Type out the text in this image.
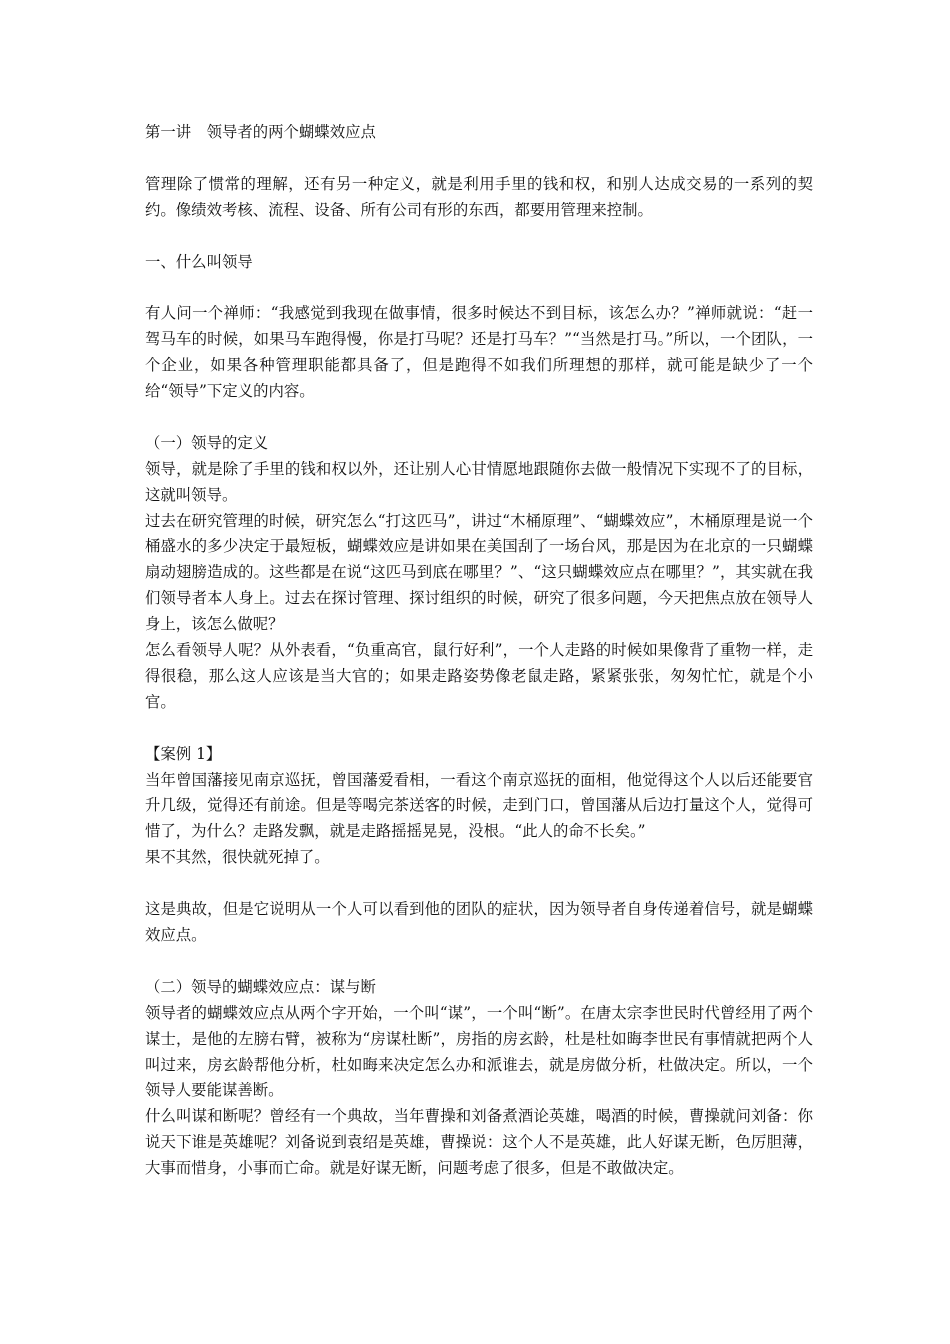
第一讲　领导者的两个蝴蝶效应点

管理除了惯常的理解，还有另一种定义，就是利用手里的钱和权，和别人达成交易的一系列的契约。像绩效考核、流程、设备、所有公司有形的东西，都要用管理来控制。

一、什么叫领导

有人问一个禅师：“我感觉到我现在做事情，很多时候达不到目标，该怎么办？”禅师就说：“赶一驾马车的时候，如果马车跑得慢，你是打马呢？还是打马车？”“当然是打马。”所以，一个团队，一个企业，如果各种管理职能都具备了，但是跑得不如我们所理想的那样，就可能是缺少了一个给“领导”下定义的内容。

（一）领导的定义

领导，就是除了手里的钱和权以外，还让别人心甘情愿地跟随你去做一般情况下实现不了的目标，这就叫领导。

过去在研究管理的时候，研究怎么“打这匹马”，讲过“木桶原理”、“蝴蝶效应”，木桶原理是说一个桶盛水的多少决定于最短板，蝴蝶效应是讲如果在美国刮了一场台风，那是因为在北京的一只蝴蝶扇动翅膀造成的。这些都是在说“这匹马到底在哪里？”、“这只蝴蝶效应点在哪里？”，其实就在我们领导者本人身上。过去在探讨管理、探讨组织的时候，研究了很多问题，今天把焦点放在领导人身上，该怎么做呢？

怎么看领导人呢？从外表看，“负重高官，鼠行好利”，一个人走路的时候如果像背了重物一样，走得很稳，那么这人应该是当大官的；如果走路姿势像老鼠走路，紧紧张张，匆匆忙忙，就是个小官。

【案例 1】

当年曾国藩接见南京巡抚，曾国藩爱看相，一看这个南京巡抚的面相，他觉得这个人以后还能要官升几级，觉得还有前途。但是等喝完茶送客的时候，走到门口，曾国藩从后边打量这个人，觉得可惜了，为什么？走路发飘，就是走路摇摇晃晃，没根。“此人的命不长矣。”

果不其然，很快就死掉了。

这是典故，但是它说明从一个人可以看到他的团队的症状，因为领导者自身传递着信号，就是蝴蝶效应点。

（二）领导的蝴蝶效应点：谋与断

领导者的蝴蝶效应点从两个字开始，一个叫“谋”，一个叫“断”。在唐太宗李世民时代曾经用了两个谋士，是他的左膀右臂，被称为“房谋杜断”，房指的房玄龄，杜是杜如晦李世民有事情就把两个人叫过来，房玄龄帮他分析，杜如晦来决定怎么办和派谁去，就是房做分析，杜做决定。所以，一个领导人要能谋善断。

什么叫谋和断呢？曾经有一个典故，当年曹操和刘备煮酒论英雄，喝酒的时候，曹操就问刘备：你说天下谁是英雄呢？刘备说到袁绍是英雄，曹操说：这个人不是英雄，此人好谋无断，色厉胆薄，大事而惜身，小事而亡命。就是好谋无断，问题考虑了很多，但是不敢做决定。
